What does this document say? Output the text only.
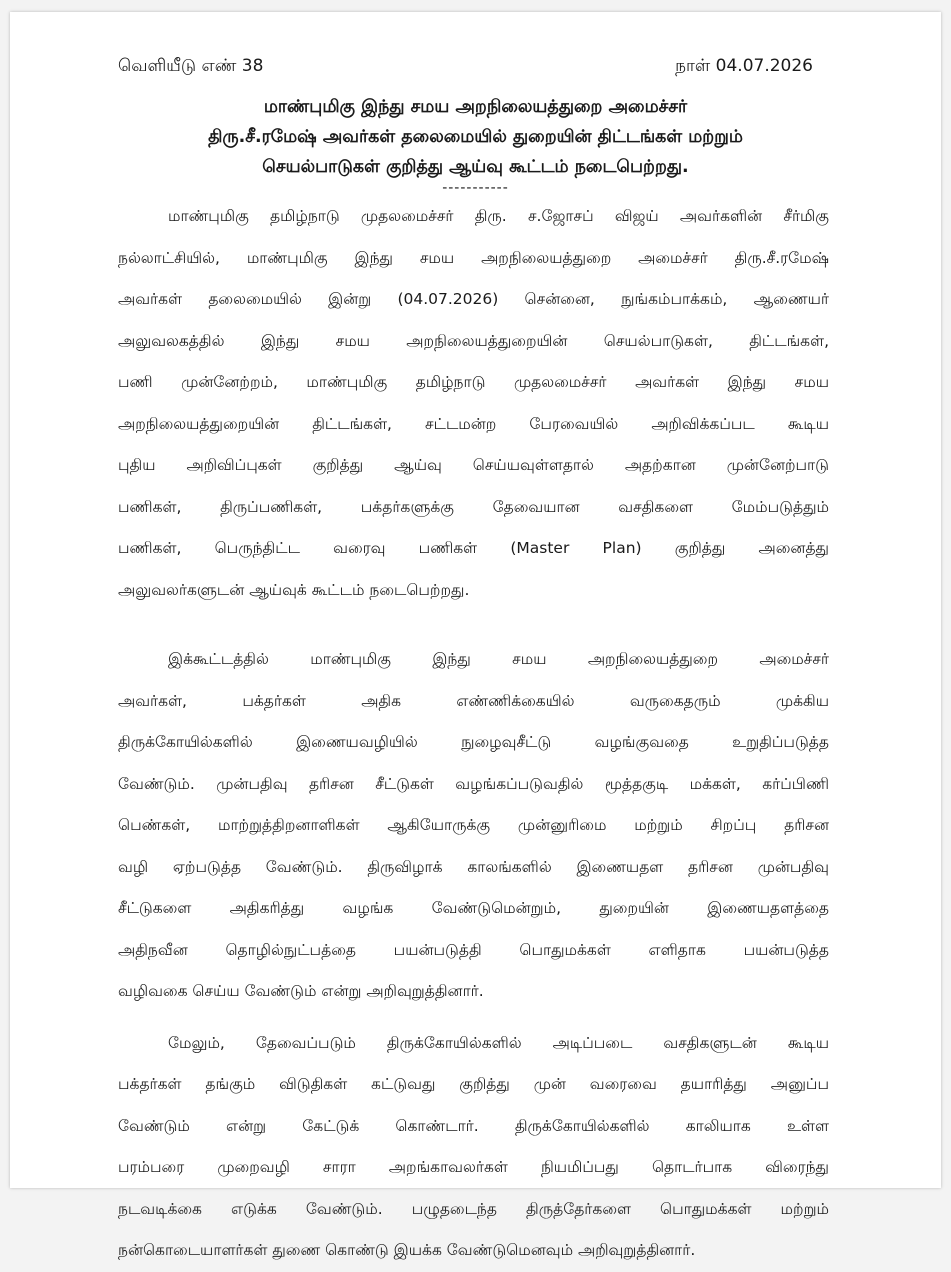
வெளியீடு எண் 38	நாள் 04.07.2026
மாண்புமிகு இந்து சமய அறநிலையத்துறை அமைச்சர்
திரு.சீ.ரமேஷ் அவர்கள் தலைமையில் துறையின் திட்டங்கள் மற்றும்
செயல்பாடுகள் குறித்து ஆய்வு கூட்டம் நடைபெற்றது.
-----------
மாண்புமிகு தமிழ்நாடு முதலமைச்சர் திரு. ச.ஜோசப் விஜய் அவர்களின் சீர்மிகு
நல்லாட்சியில், மாண்புமிகு இந்து சமய அறநிலையத்துறை அமைச்சர் திரு.சீ.ரமேஷ்
அவர்கள் தலைமையில் இன்று (04.07.2026) சென்னை, நுங்கம்பாக்கம், ஆணையர்
அலுவலகத்தில் இந்து சமய அறநிலையத்துறையின் செயல்பாடுகள், திட்டங்கள்,
பணி முன்னேற்றம், மாண்புமிகு தமிழ்நாடு முதலமைச்சர் அவர்கள் இந்து சமய
அறநிலையத்துறையின் திட்டங்கள், சட்டமன்ற பேரவையில் அறிவிக்கப்பட கூடிய
புதிய அறிவிப்புகள் குறித்து ஆய்வு செய்யவுள்ளதால் அதற்கான முன்னேற்பாடு
பணிகள், திருப்பணிகள், பக்தர்களுக்கு தேவையான வசதிகளை மேம்படுத்தும்
பணிகள், பெருந்திட்ட வரைவு பணிகள் (Master Plan) குறித்து அனைத்து
அலுவலர்களுடன் ஆய்வுக் கூட்டம் நடைபெற்றது.
இக்கூட்டத்தில் மாண்புமிகு இந்து சமய அறநிலையத்துறை அமைச்சர்
அவர்கள், பக்தர்கள் அதிக எண்ணிக்கையில் வருகைதரும் முக்கிய
திருக்கோயில்களில் இணையவழியில் நுழைவுசீட்டு வழங்குவதை உறுதிப்படுத்த
வேண்டும். முன்பதிவு தரிசன சீட்டுகள் வழங்கப்படுவதில் மூத்தகுடி மக்கள், கர்ப்பிணி
பெண்கள், மாற்றுத்திறனாளிகள் ஆகியோருக்கு முன்னுரிமை மற்றும் சிறப்பு தரிசன
வழி ஏற்படுத்த வேண்டும். திருவிழாக் காலங்களில் இணையதள தரிசன முன்பதிவு
சீட்டுகளை அதிகரித்து வழங்க வேண்டுமென்றும், துறையின் இணையதளத்தை
அதிநவீன தொழில்நுட்பத்தை பயன்படுத்தி பொதுமக்கள் எளிதாக பயன்படுத்த
வழிவகை செய்ய வேண்டும் என்று அறிவுறுத்தினார்.
மேலும், தேவைப்படும் திருக்கோயில்களில் அடிப்படை வசதிகளுடன் கூடிய
பக்தர்கள் தங்கும் விடுதிகள் கட்டுவது குறித்து முன் வரைவை தயாரித்து அனுப்ப
வேண்டும் என்று கேட்டுக் கொண்டார். திருக்கோயில்களில் காலியாக உள்ள
பரம்பரை முறைவழி சாரா அறங்காவலர்கள் நியமிப்பது தொடர்பாக விரைந்து
நடவடிக்கை எடுக்க வேண்டும். பழுதடைந்த திருத்தேர்களை பொதுமக்கள் மற்றும்
நன்கொடையாளர்கள் துணை கொண்டு இயக்க வேண்டுமெனவும் அறிவுறுத்தினார்.
